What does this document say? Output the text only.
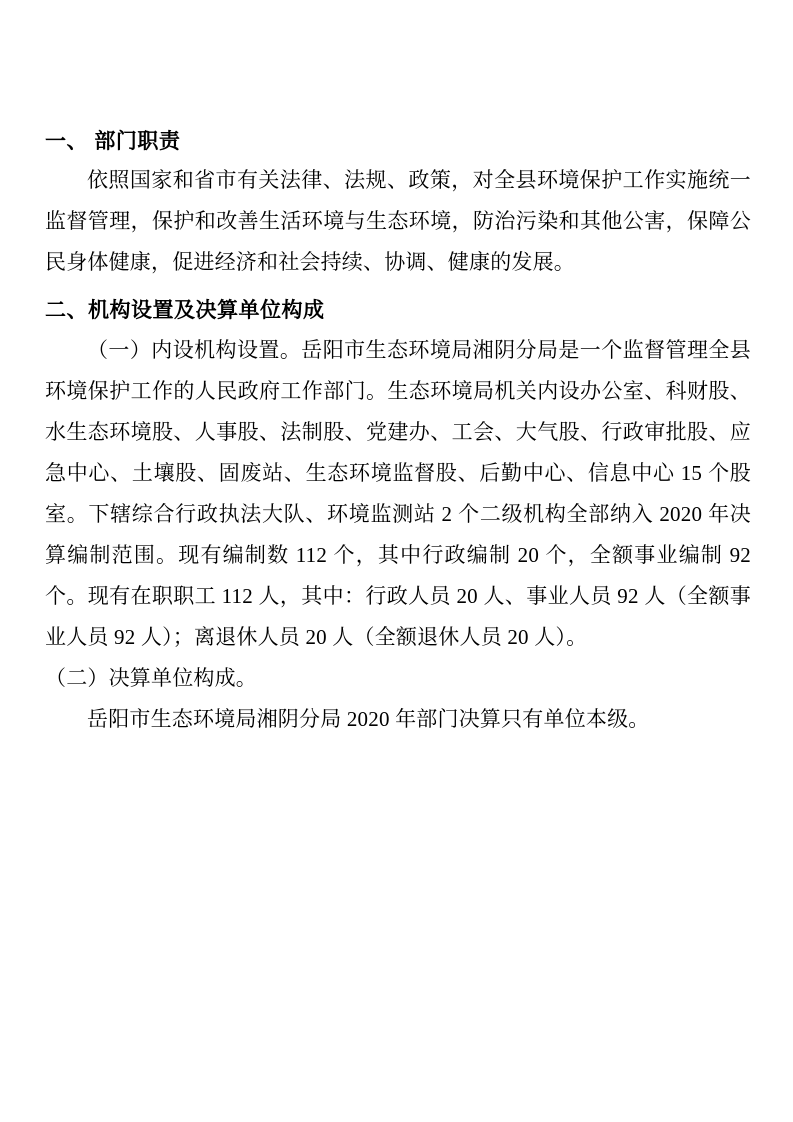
一、 部门职责

依照国家和省市有关法律、法规、政策，对全县环境保护工作实施统一监督管理，保护和改善生活环境与生态环境，防治污染和其他公害，保障公民身体健康，促进经济和社会持续、协调、健康的发展。

二、机构设置及决算单位构成

（一）内设机构设置。岳阳市生态环境局湘阴分局是一个监督管理全县环境保护工作的人民政府工作部门。生态环境局机关内设办公室、科财股、水生态环境股、人事股、法制股、党建办、工会、大气股、行政审批股、应急中心、土壤股、固废站、生态环境监督股、后勤中心、信息中心 15 个股室。下辖综合行政执法大队、环境监测站 2 个二级机构全部纳入 2020 年决算编制范围。现有编制数 112 个，其中行政编制 20 个，全额事业编制 92 个。现有在职职工 112 人，其中：行政人员 20 人、事业人员 92 人（全额事业人员 92 人）；离退休人员 20 人（全额退休人员 20 人）。

（二）决算单位构成。

岳阳市生态环境局湘阴分局 2020 年部门决算只有单位本级。
